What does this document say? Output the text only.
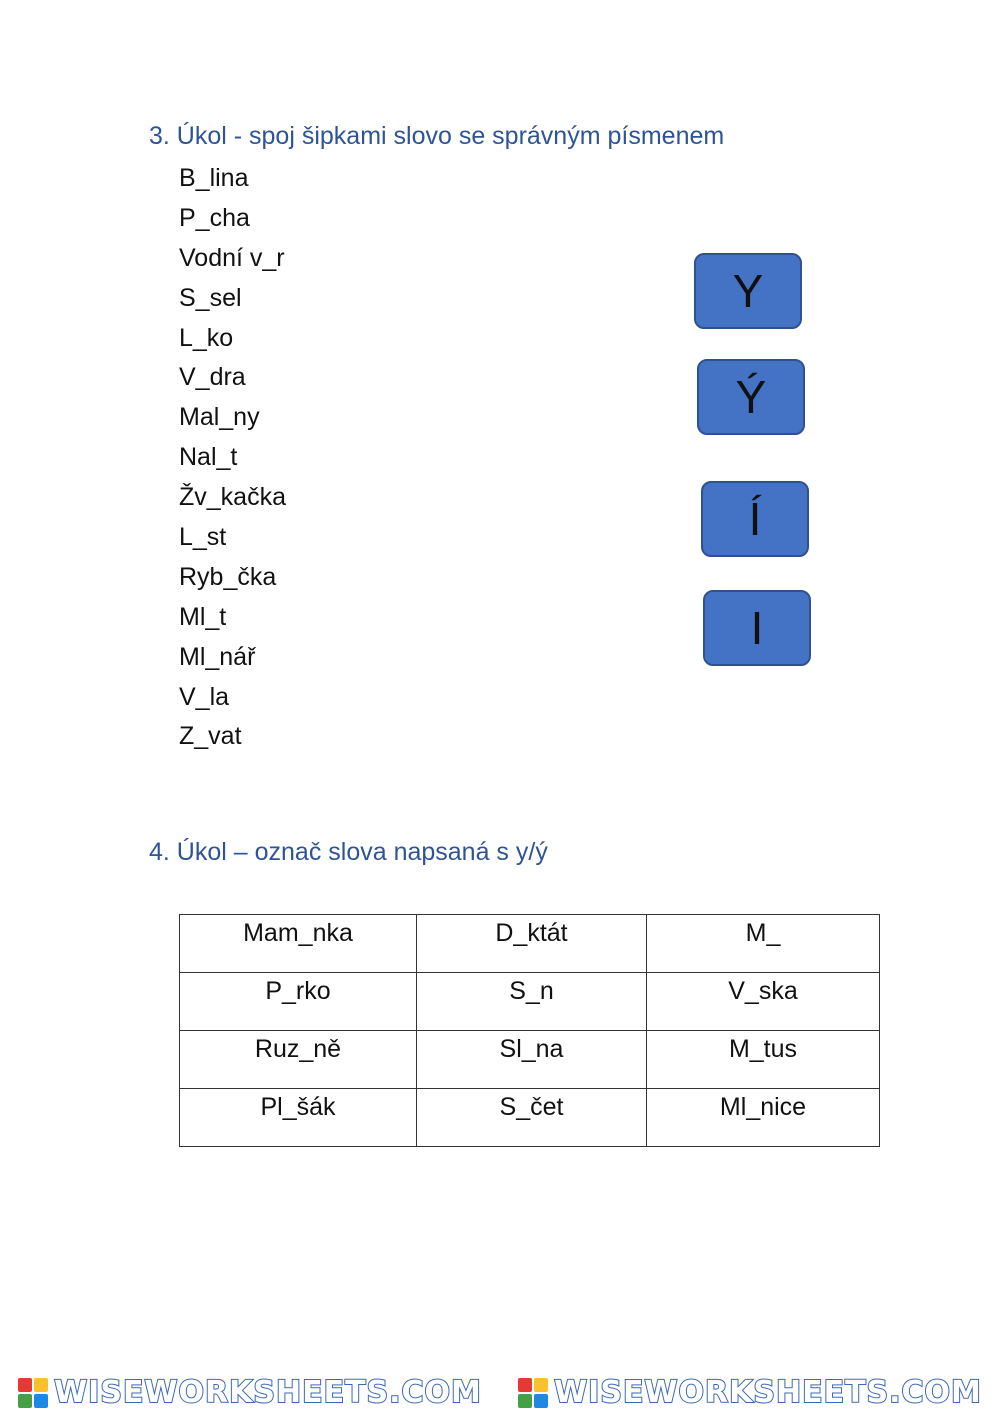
3. Úkol - spoj šipkami slovo se správným písmenem
B_lina
P_cha
Vodní v_r
S_sel
L_ko
V_dra
Mal_ny
Nal_t
Žv_kačka
L_st
Ryb_čka
Ml_t
Ml_nář
V_la
Z_vat
Y
Ý
Í
I
4. Úkol – označ slova napsaná s y/ý
Mam_nka	D_ktát	M_
P_rko	S_n	V_ska
Ruz_ně	Sl_na	M_tus
Pl_šák	S_čet	Ml_nice
WISEWORKSHEETS.COM WISEWORKSHEETS.COM
